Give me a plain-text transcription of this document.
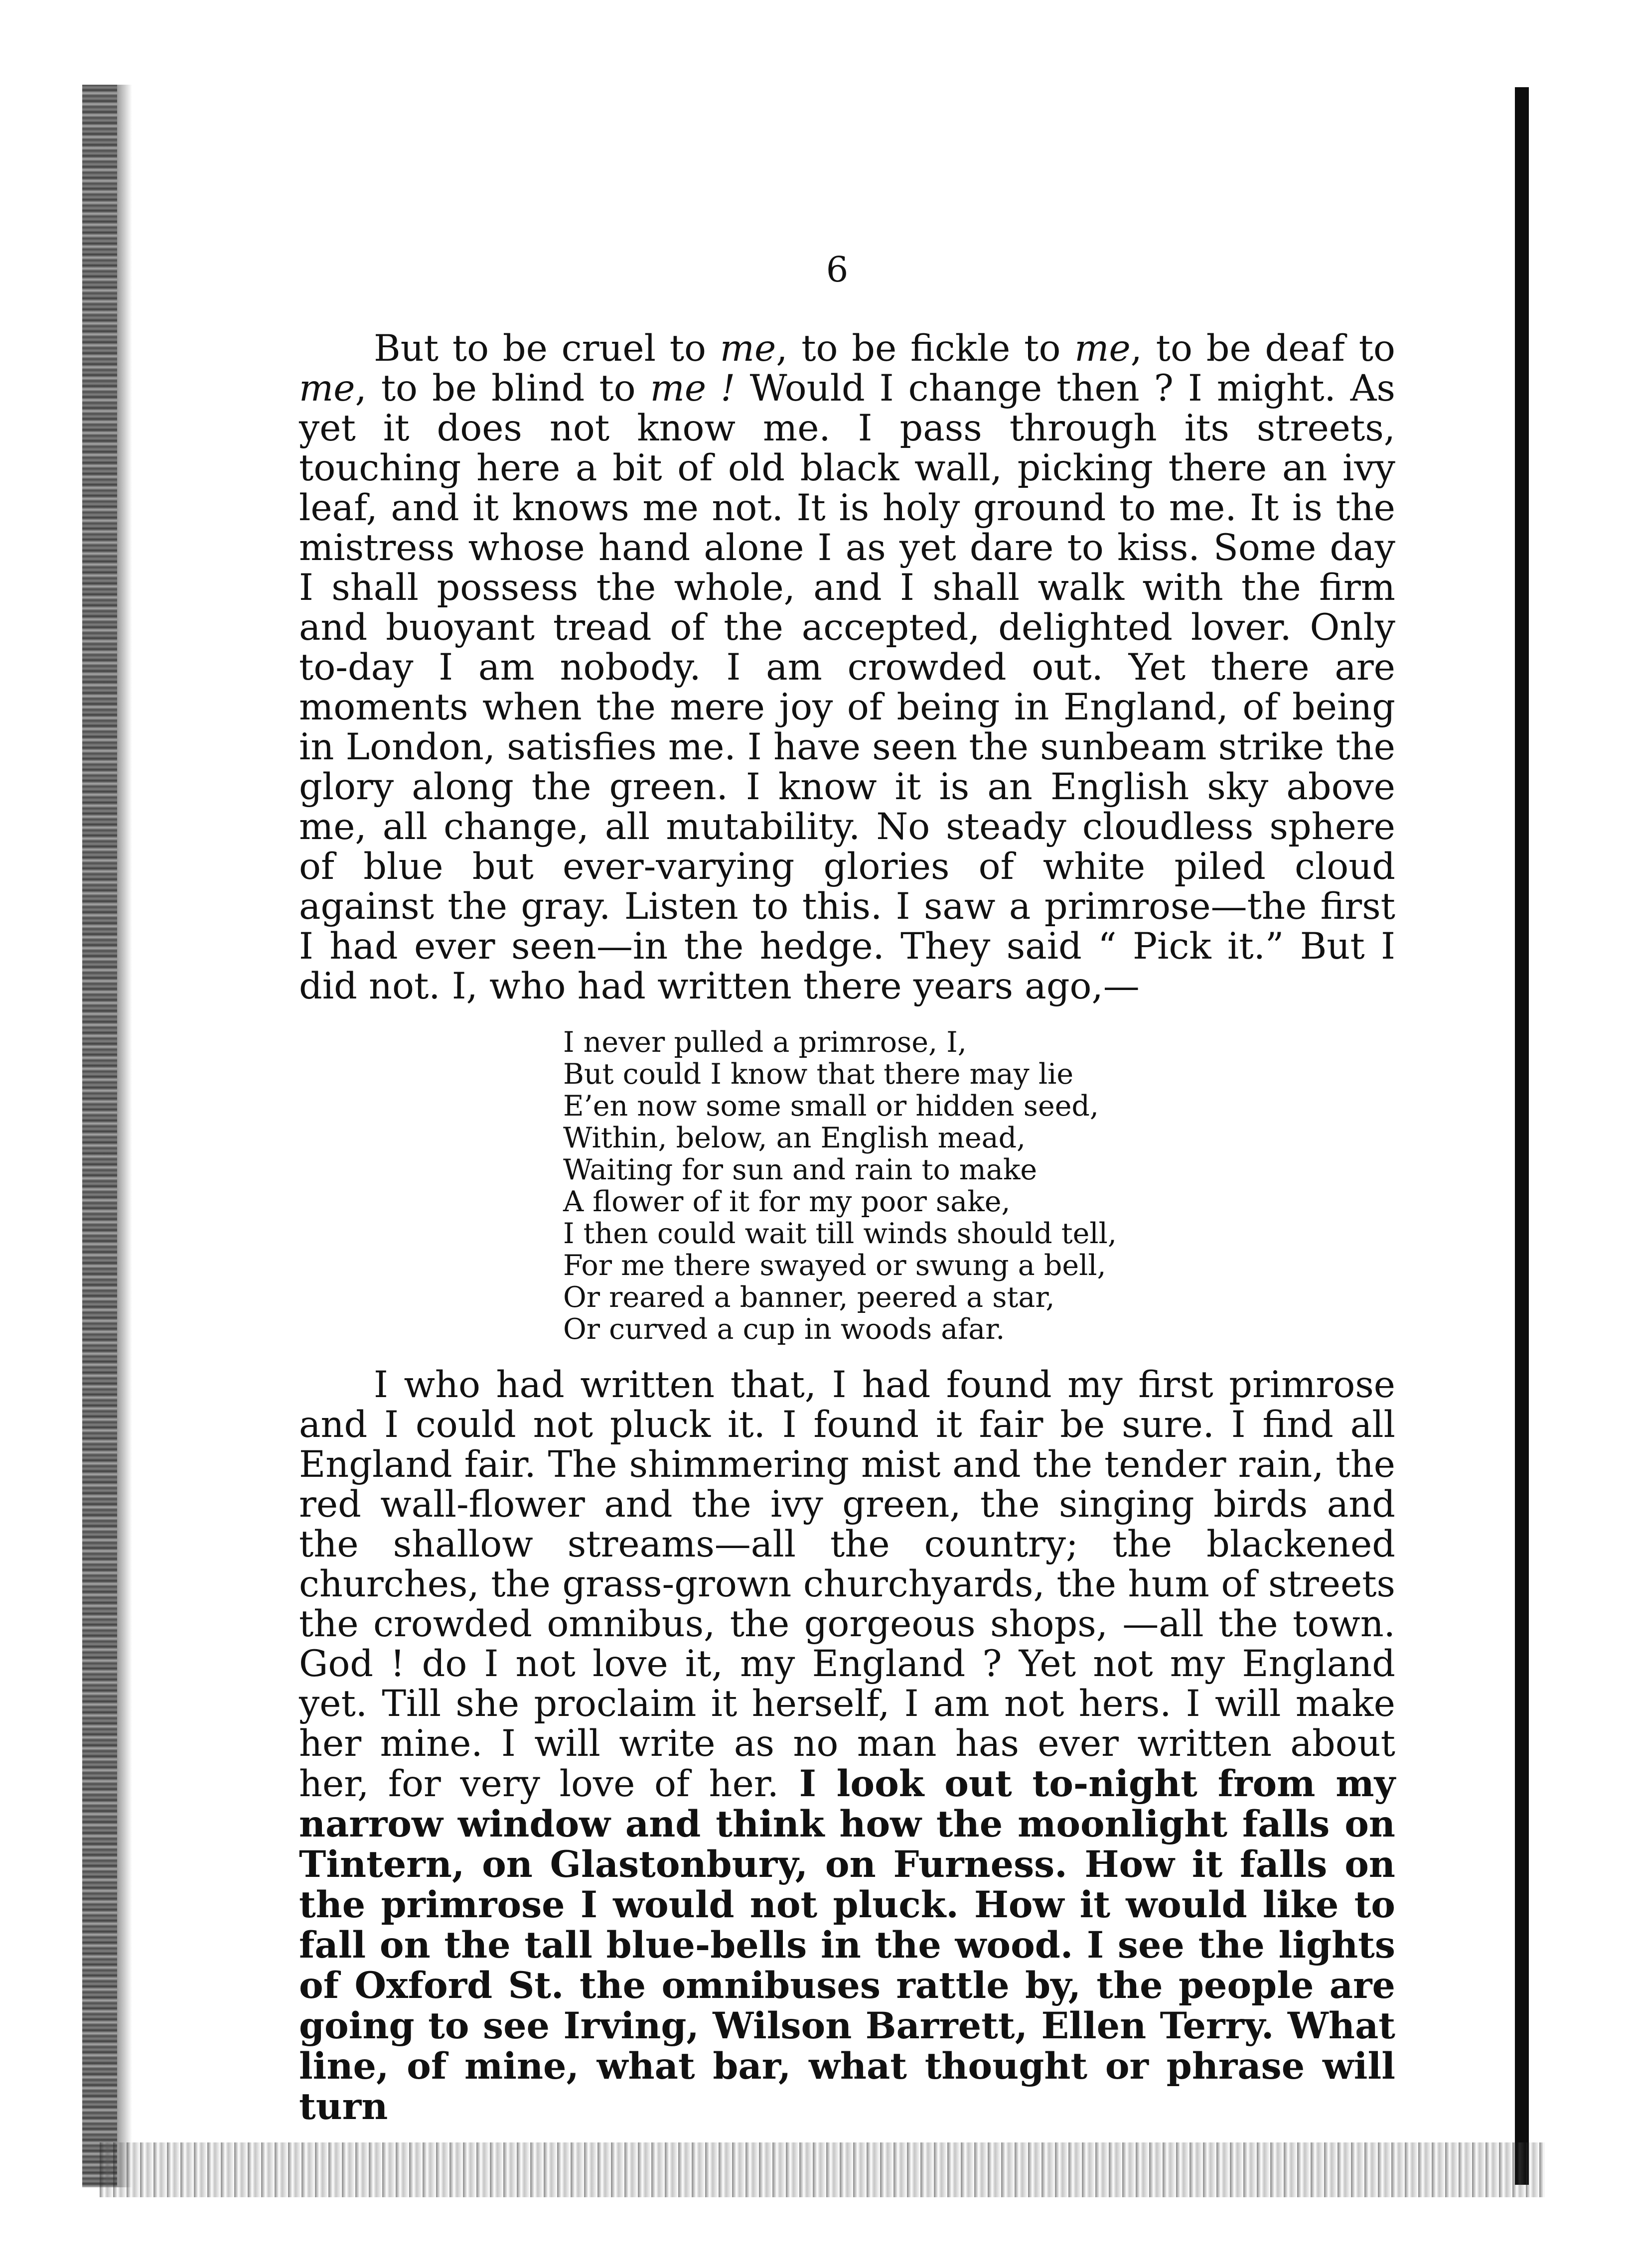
6

But to be cruel to me, to be fickle to me, to be deaf to me, to be blind to me ! Would I change then ? I might. As yet it does not know me. I pass through its streets, touching here a bit of old black wall, picking there an ivy leaf, and it knows me not. It is holy ground to me. It is the mistress whose hand alone I as yet dare to kiss. Some day I shall possess the whole, and I shall walk with the firm and buoyant tread of the accepted, delighted lover. Only to-day I am nobody. I am crowded out. Yet there are moments when the mere joy of being in England, of being in London, satisfies me. I have seen the sunbeam strike the glory along the green. I know it is an English sky above me, all change, all mutability. No steady cloudless sphere of blue but ever-varying glories of white piled cloud against the gray. Listen to this. I saw a primrose—the first I had ever seen—in the hedge. They said “ Pick it.” But I did not. I, who had written there years ago,—

I never pulled a primrose, I,
But could I know that there may lie
E’en now some small or hidden seed,
Within, below, an English mead,
Waiting for sun and rain to make
A flower of it for my poor sake,
I then could wait till winds should tell,
For me there swayed or swung a bell,
Or reared a banner, peered a star,
Or curved a cup in woods afar.

I who had written that, I had found my first primrose and I could not pluck it. I found it fair be sure. I find all England fair. The shimmering mist and the tender rain, the red wall-flower and the ivy green, the singing birds and the shallow streams—all the country; the blackened churches, the grass-grown churchyards, the hum of streets the crowded omnibus, the gorgeous shops, —all the town. God ! do I not love it, my England ? Yet not my England yet. Till she proclaim it herself, I am not hers. I will make her mine. I will write as no man has ever written about her, for very love of her. I look out to-night from my narrow window and think how the moonlight falls on Tintern, on Glastonbury, on Furness. How it falls on the primrose I would not pluck. How it would like to fall on the tall blue-bells in the wood. I see the lights of Oxford St. the omnibuses rattle by, the people are going to see Irving, Wilson Barrett, Ellen Terry. What line, of mine, what bar, what thought or phrase will turn
